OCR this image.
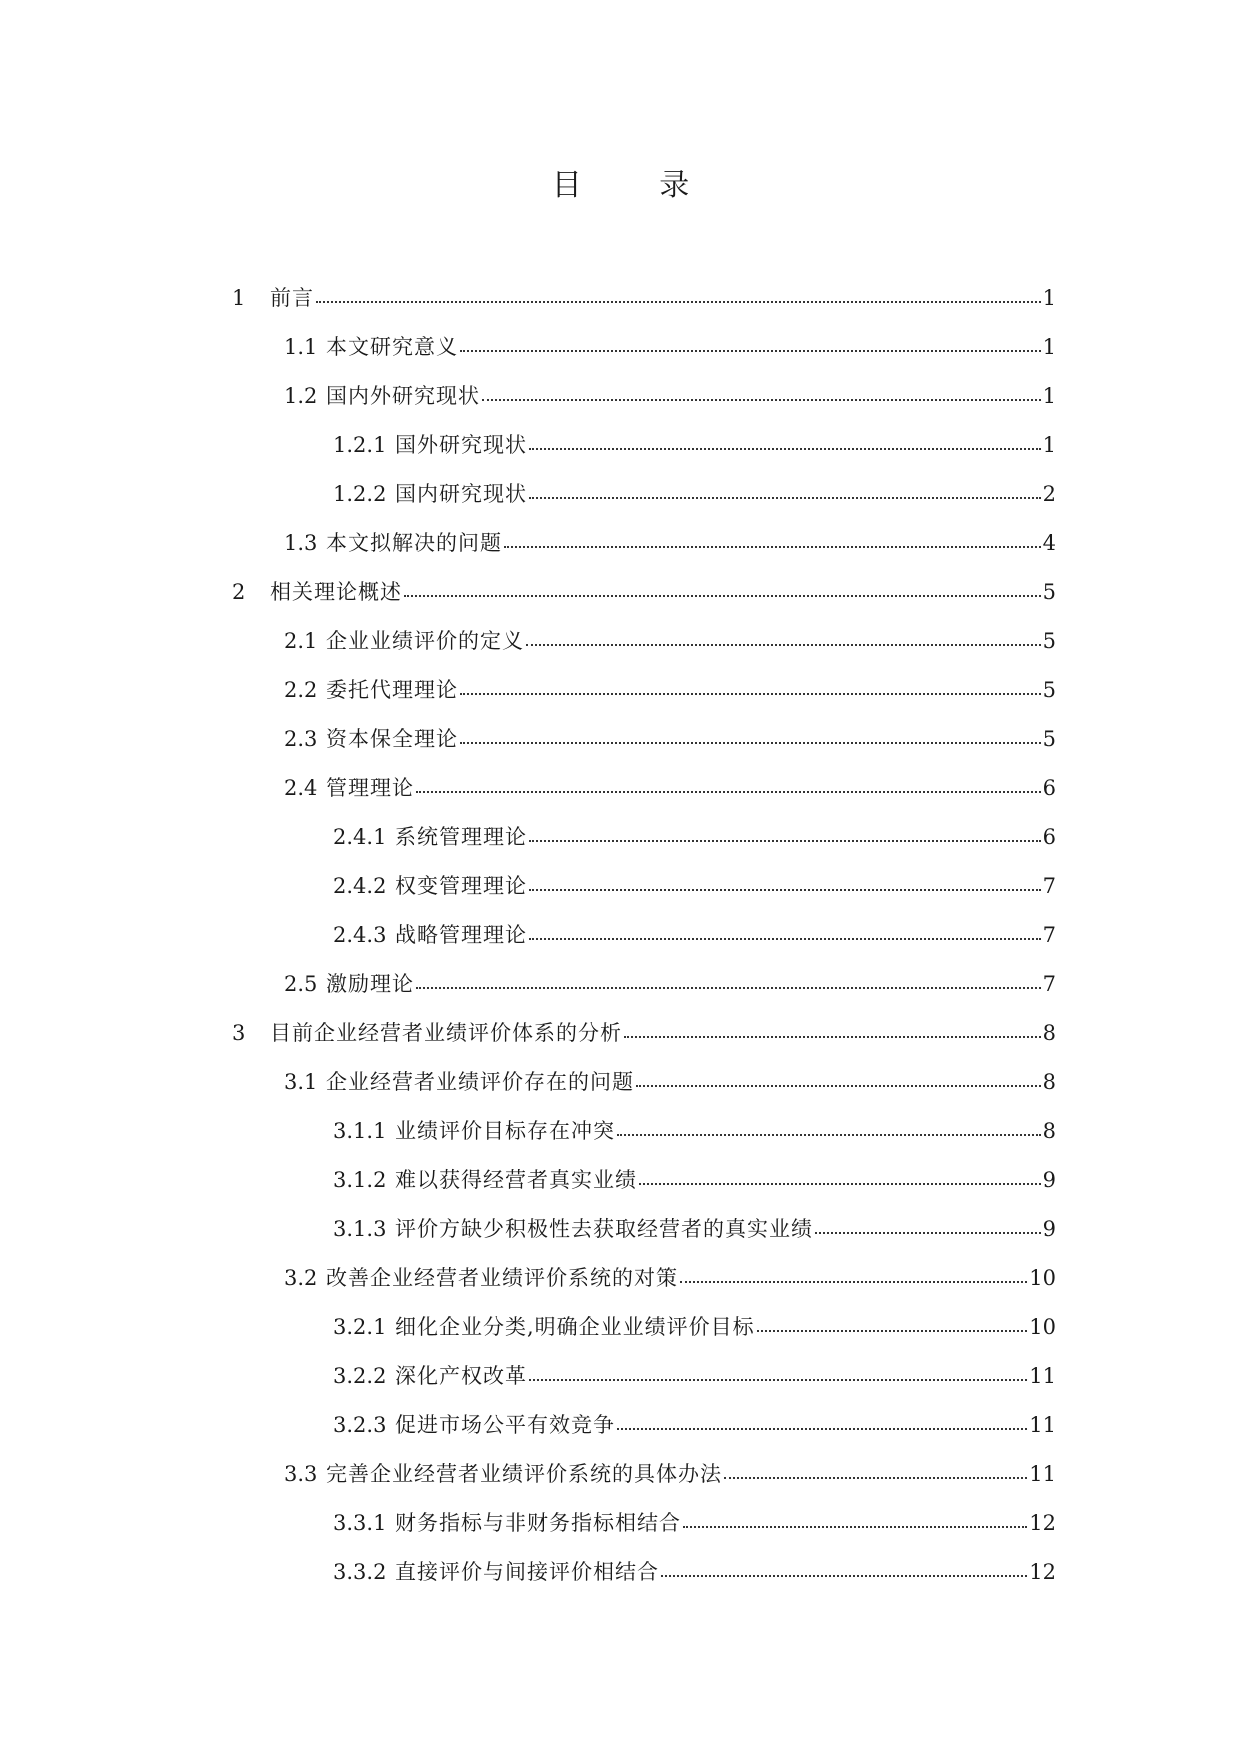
目 录
1	前言	1
1.1 本文研究意义	1
1.2 国内外研究现状	1
1.2.1 国外研究现状	1
1.2.2 国内研究现状	2
1.3 本文拟解决的问题	4
2	相关理论概述	5
2.1 企业业绩评价的定义	5
2.2 委托代理理论	5
2.3 资本保全理论	5
2.4 管理理论	6
2.4.1 系统管理理论	6
2.4.2 权变管理理论	7
2.4.3 战略管理理论	7
2.5 激励理论	7
3	目前企业经营者业绩评价体系的分析	8
3.1 企业经营者业绩评价存在的问题	8
3.1.1 业绩评价目标存在冲突	8
3.1.2 难以获得经营者真实业绩	9
3.1.3 评价方缺少积极性去获取经营者的真实业绩	9
3.2 改善企业经营者业绩评价系统的对策	10
3.2.1 细化企业分类,明确企业业绩评价目标	10
3.2.2 深化产权改革	11
3.2.3 促进市场公平有效竞争	11
3.3 完善企业经营者业绩评价系统的具体办法	11
3.3.1 财务指标与非财务指标相结合	12
3.3.2 直接评价与间接评价相结合	12
